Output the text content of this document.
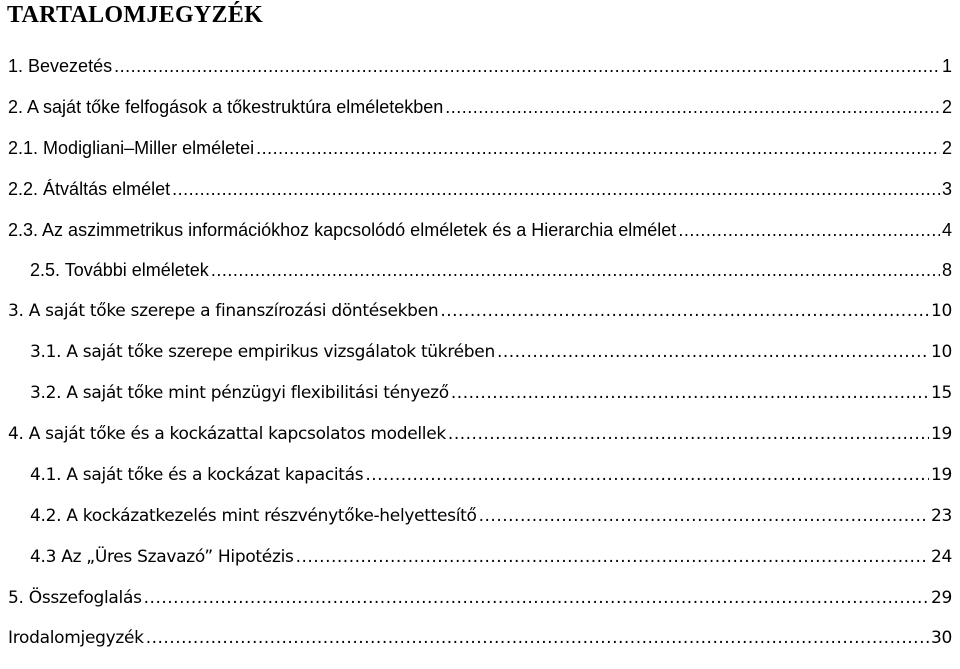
TARTALOMJEGYZÉK
1. Bevezetés .....	1
2. A saját tőke felfogások a tőkestruktúra elméletekben .....	2
2.1. Modigliani–Miller elméletei .....	2
2.2. Átváltás elmélet .....	3
2.3. Az aszimmetrikus információkhoz kapcsolódó elméletek és a Hierarchia elmélet .....	4
2.5. További elméletek .....	8
3. A saját tőke szerepe a finanszírozási döntésekben .....	10
3.1. A saját tőke szerepe empirikus vizsgálatok tükrében .....	10
3.2. A saját tőke mint pénzügyi flexibilitási tényező .....	15
4. A saját tőke és a kockázattal kapcsolatos modellek .....	19
4.1. A saját tőke és a kockázat kapacitás .....	19
4.2. A kockázatkezelés mint részvénytőke-helyettesítő .....	23
4.3 Az „Üres Szavazó” Hipotézis .....	24
5. Összefoglalás .....	29
Irodalomjegyzék .....	30
